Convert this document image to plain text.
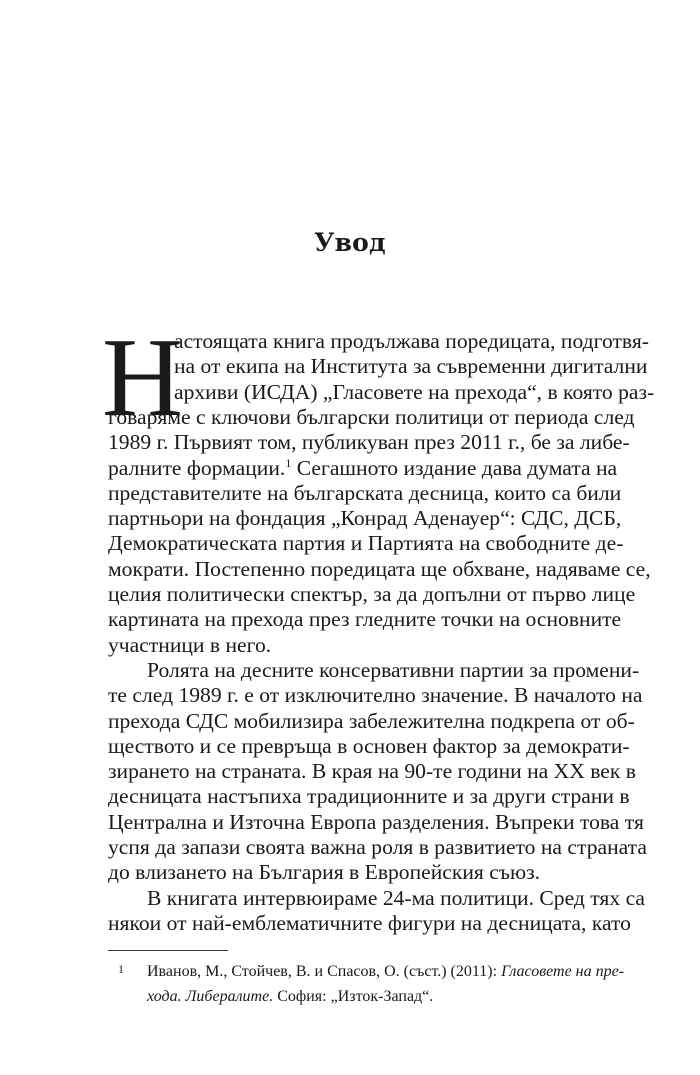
Увод
Н
астоящата книга продължава поредицата, подготвя-
на от екипа на Института за съвременни дигитални
архиви (ИСДА) „Гласовете на прехода“, в която раз-
говаряме с ключови български политици от периода след
1989 г. Първият том, публикуван през 2011 г., бе за либе-
ралните формации.$^1$ Сегашното издание дава думата на
представителите на българската десница, които са били
партньори на фондация „Конрад Аденауер“: СДС, ДСБ,
Демократическата партия и Партията на свободните де-
мократи. Постепенно поредицата ще обхване, надяваме се,
целия политически спектър, за да допълни от първо лице
картината на прехода през гледните точки на основните
участници в него.
Ролята на десните консервативни партии за промени-
те след 1989 г. е от изключително значение. В началото на
прехода СДС мобилизира забележителна подкрепа от об-
ществото и се превръща в основен фактор за демократи-
зирането на страната. В края на 90-те години на XX век в
десницата настъпиха традиционните и за други страни в
Централна и Източна Европа разделения. Въпреки това тя
успя да запази своята важна роля в развитието на страната
до влизането на България в Европейския съюз.
В книгата интервюираме 24-ма политици. Сред тях са
някои от най-емблематичните фигури на десницата, като
1 Иванов, М., Стойчев, В. и Спасов, О. (съст.) (2011): Гласовете на пре-
хода. Либералите. София: „Изток-Запад“.
